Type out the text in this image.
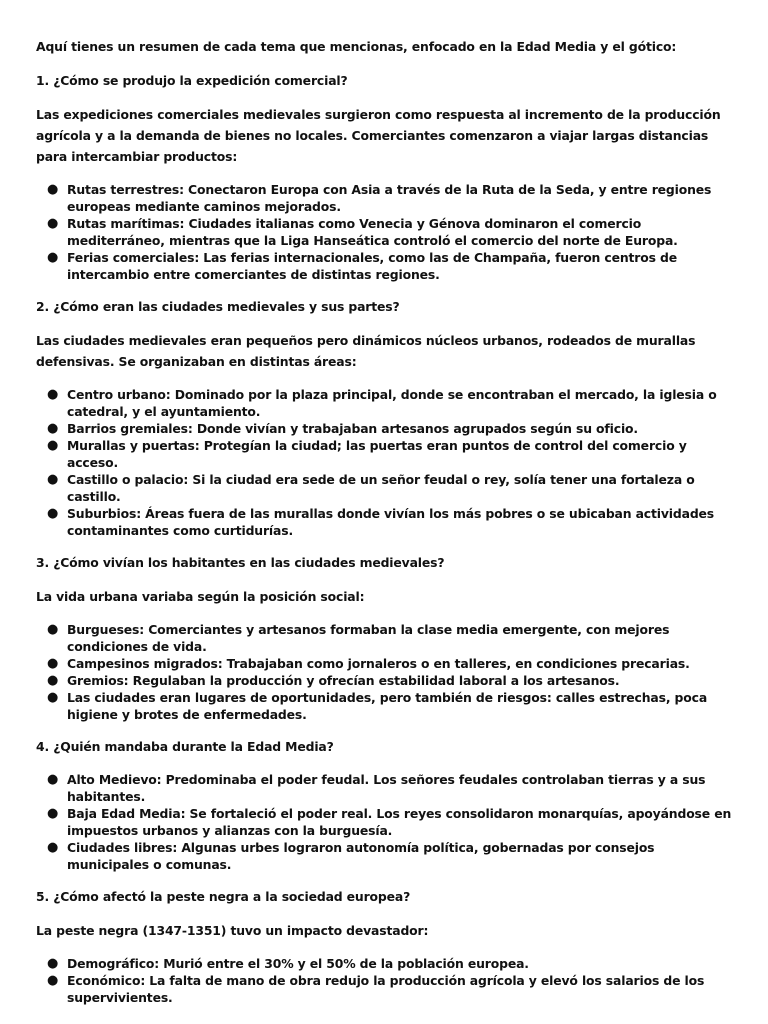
Aquí tienes un resumen de cada tema que mencionas, enfocado en la Edad Media y el gótico:

1. ¿Cómo se produjo la expedición comercial?

Las expediciones comerciales medievales surgieron como respuesta al incremento de la producción agrícola y a la demanda de bienes no locales. Comerciantes comenzaron a viajar largas distancias para intercambiar productos:

● Rutas terrestres: Conectaron Europa con Asia a través de la Ruta de la Seda, y entre regiones europeas mediante caminos mejorados.
● Rutas marítimas: Ciudades italianas como Venecia y Génova dominaron el comercio mediterráneo, mientras que la Liga Hanseática controló el comercio del norte de Europa.
● Ferias comerciales: Las ferias internacionales, como las de Champaña, fueron centros de intercambio entre comerciantes de distintas regiones.

2. ¿Cómo eran las ciudades medievales y sus partes?

Las ciudades medievales eran pequeños pero dinámicos núcleos urbanos, rodeados de murallas defensivas. Se organizaban en distintas áreas:

● Centro urbano: Dominado por la plaza principal, donde se encontraban el mercado, la iglesia o catedral, y el ayuntamiento.
● Barrios gremiales: Donde vivían y trabajaban artesanos agrupados según su oficio.
● Murallas y puertas: Protegían la ciudad; las puertas eran puntos de control del comercio y acceso.
● Castillo o palacio: Si la ciudad era sede de un señor feudal o rey, solía tener una fortaleza o castillo.
● Suburbios: Áreas fuera de las murallas donde vivían los más pobres o se ubicaban actividades contaminantes como curtidurías.

3. ¿Cómo vivían los habitantes en las ciudades medievales?

La vida urbana variaba según la posición social:

● Burgueses: Comerciantes y artesanos formaban la clase media emergente, con mejores condiciones de vida.
● Campesinos migrados: Trabajaban como jornaleros o en talleres, en condiciones precarias.
● Gremios: Regulaban la producción y ofrecían estabilidad laboral a los artesanos.
● Las ciudades eran lugares de oportunidades, pero también de riesgos: calles estrechas, poca higiene y brotes de enfermedades.

4. ¿Quién mandaba durante la Edad Media?

● Alto Medievo: Predominaba el poder feudal. Los señores feudales controlaban tierras y a sus habitantes.
● Baja Edad Media: Se fortaleció el poder real. Los reyes consolidaron monarquías, apoyándose en impuestos urbanos y alianzas con la burguesía.
● Ciudades libres: Algunas urbes lograron autonomía política, gobernadas por consejos municipales o comunas.

5. ¿Cómo afectó la peste negra a la sociedad europea?

La peste negra (1347-1351) tuvo un impacto devastador:

● Demográfico: Murió entre el 30% y el 50% de la población europea.
● Económico: La falta de mano de obra redujo la producción agrícola y elevó los salarios de los supervivientes.
